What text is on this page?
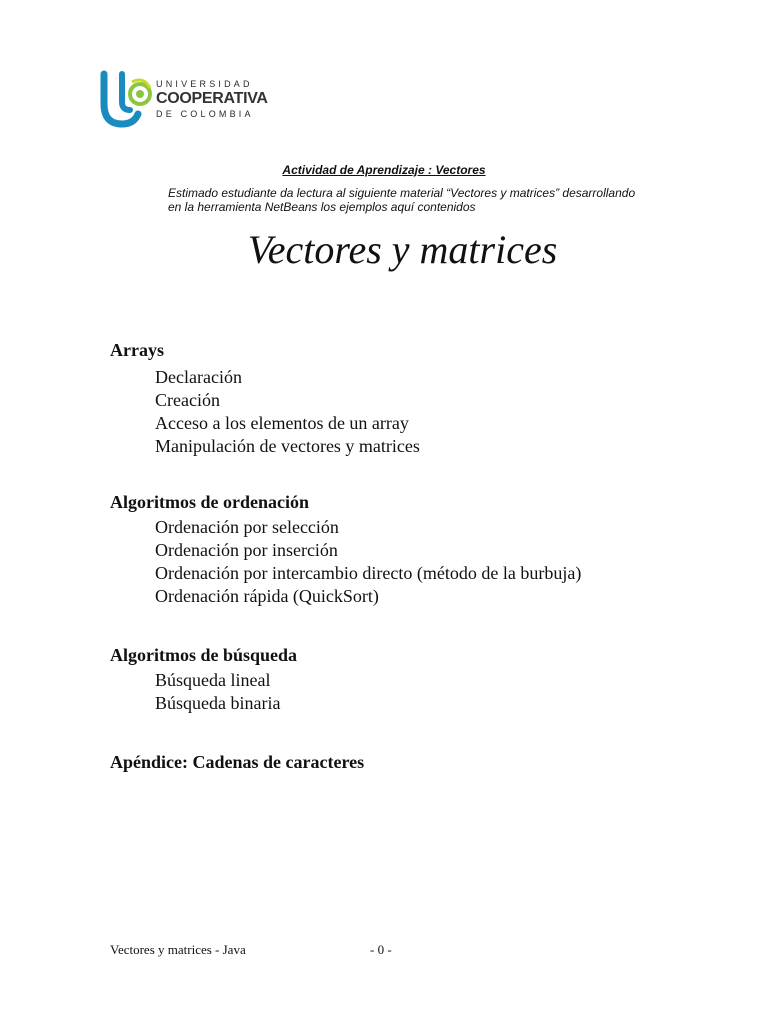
UNIVERSIDAD
COOPERATIVA
DE COLOMBIA
Actividad de Aprendizaje : Vectores
Estimado estudiante da lectura al siguiente material “Vectores y matrices” desarrollando
en la herramienta NetBeans los ejemplos aquí contenidos
Vectores y matrices
Arrays
Declaración
Creación
Acceso a los elementos de un array
Manipulación de vectores y matrices
Algoritmos de ordenación
Ordenación por selección
Ordenación por inserción
Ordenación por intercambio directo (método de la burbuja)
Ordenación rápida (QuickSort)
Algoritmos de búsqueda
Búsqueda lineal
Búsqueda binaria
Apéndice: Cadenas de caracteres
Vectores y matrices - Java	- 0 -
